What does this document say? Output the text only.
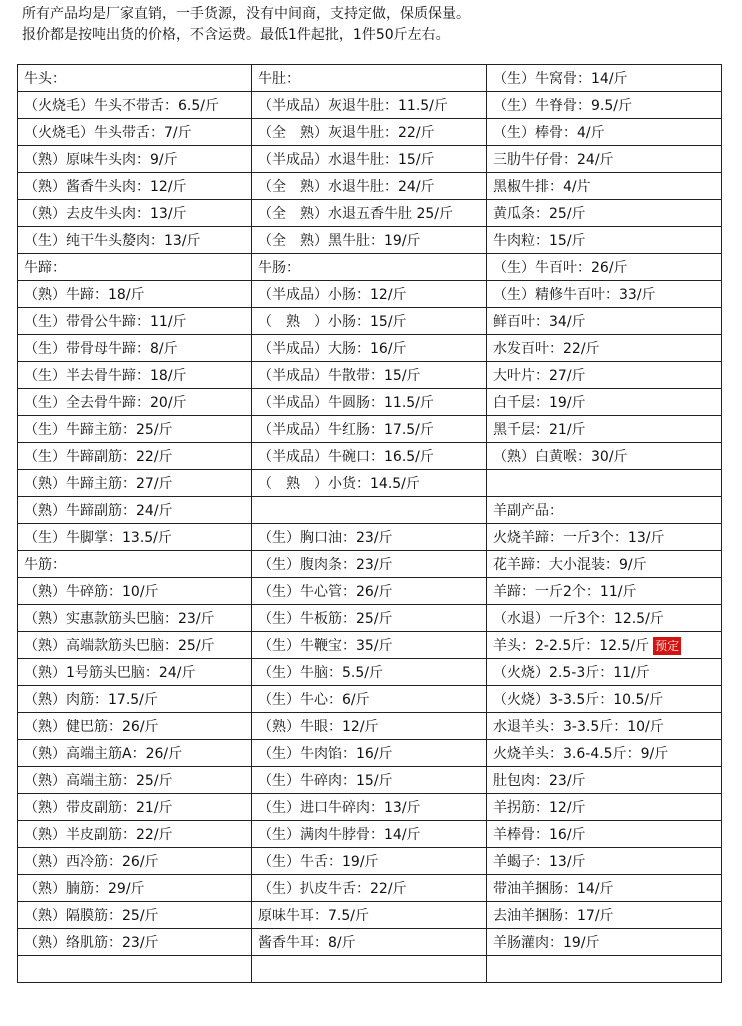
所有产品均是厂家直销，一手货源，没有中间商，支持定做，保质保量。
报价都是按吨出货的价格，不含运费。最低1件起批，1件50斤左右。
牛头：	牛肚：	（生）牛窝骨：14/斤
（火烧毛）牛头不带舌：6.5/斤	（半成品）灰退牛肚：11.5/斤	（生）牛脊骨：9.5/斤
（火烧毛）牛头带舌：7/斤	（全　熟）灰退牛肚：22/斤	（生）棒骨：4/斤
（熟）原味牛头肉：9/斤	（半成品）水退牛肚：15/斤	三肋牛仔骨：24/斤
（熟）酱香牛头肉：12/斤	（全　熟）水退牛肚：24/斤	黑椒牛排：4/片
（熟）去皮牛头肉：13/斤	（全　熟）水退五香牛肚 25/斤	黄瓜条：25/斤
（生）纯干牛头嫠肉：13/斤	（全　熟）黑牛肚：19/斤	牛肉粒：15/斤
牛蹄：	牛肠：	（生）牛百叶：26/斤
（熟）牛蹄：18/斤	（半成品）小肠：12/斤	（生）精修牛百叶：33/斤
（生）带骨公牛蹄：11/斤	（　熟　）小肠：15/斤	鲜百叶：34/斤
（生）带骨母牛蹄：8/斤	（半成品）大肠：16/斤	水发百叶：22/斤
（生）半去骨牛蹄：18/斤	（半成品）牛散带：15/斤	大叶片：27/斤
（生）全去骨牛蹄：20/斤	（半成品）牛圆肠：11.5/斤	白千层：19/斤
（生）牛蹄主筋：25/斤	（半成品）牛红肠：17.5/斤	黑千层：21/斤
（生）牛蹄副筋：22/斤	（半成品）牛碗口：16.5/斤	（熟）白黄喉：30/斤
（熟）牛蹄主筋：27/斤	（　熟　）小货：14.5/斤	
（熟）牛蹄副筋：24/斤		羊副产品：
（生）牛脚掌：13.5/斤	（生）胸口油：23/斤	火烧羊蹄：一斤3个：13/斤
牛筋：	（生）腹肉条：23/斤	花羊蹄：大小混装：9/斤
（熟）牛碎筋：10/斤	（生）牛心管：26/斤	羊蹄：一斤2个：11/斤
（熟）实惠款筋头巴脑：23/斤	（生）牛板筋：25/斤	（水退）一斤3个：12.5/斤
（熟）高端款筋头巴脑：25/斤	（生）牛鞭宝：35/斤	羊头：2-2.5斤：12.5/斤 预定
（熟）1号筋头巴脑：24/斤	（生）牛脑：5.5/斤	（火烧）2.5-3斤：11/斤
（熟）肉筋：17.5/斤	（生）牛心：6/斤	（火烧）3-3.5斤：10.5/斤
（熟）健巴筋：26/斤	（熟）牛眼：12/斤	水退羊头：3-3.5斤：10/斤
（熟）高端主筋A：26/斤	（生）牛肉馅：16/斤	火烧羊头：3.6-4.5斤：9/斤
（熟）高端主筋：25/斤	（生）牛碎肉：15/斤	肚包肉：23/斤
（熟）带皮副筋：21/斤	（生）进口牛碎肉：13/斤	羊拐筋：12/斤
（熟）半皮副筋：22/斤	（生）满肉牛脖骨：14/斤	羊棒骨：16/斤
（熟）西冷筋：26/斤	（生）牛舌：19/斤	羊蝎子：13/斤
（熟）腩筋：29/斤	（生）扒皮牛舌：22/斤	带油羊捆肠：14/斤
（熟）隔膜筋：25/斤	原味牛耳：7.5/斤	去油羊捆肠：17/斤
（熟）络肌筋：23/斤	酱香牛耳：8/斤	羊肠灌肉：19/斤
